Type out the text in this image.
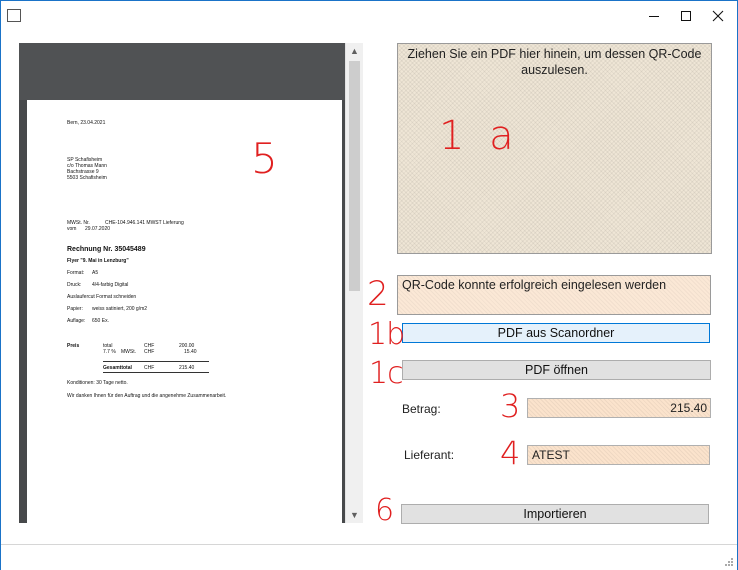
Bern, 23.04.2021
SP Schafisheim
c/o Thomas Mann
Bachstrasse 9
5503 Schafisheim
MWSt. Nr.	CHE-104.946.141 MWST Lieferung
vom 29.07.2020
Rechnung Nr. 35045489
Flyer "9. Mai in Lenzburg"
Format: A5
Druck: 4/4-farbig Digital
Auslaufercut Format schneiden
Papier: weiss satiniert, 200 g/m2
Auflage: 650 Ex.
Preis	total	CHF	200.00
7.7 % MWSt. CHF	15.40
Gesamttotal CHF	215.40
Konditionen: 30 Tage netto.
Wir danken Ihnen für den Auftrag und die angenehme Zusammenarbeit.
▲
▼
Ziehen Sie ein PDF hier hinein, um dessen QR-Code
auszulesen.
QR-Code konnte erfolgreich eingelesen werden
PDF aus Scanordner
PDF öffnen
Betrag:	215.40
Lieferant:	ATEST
Importieren
5	1 a
2
1b
1c
3
4
6
